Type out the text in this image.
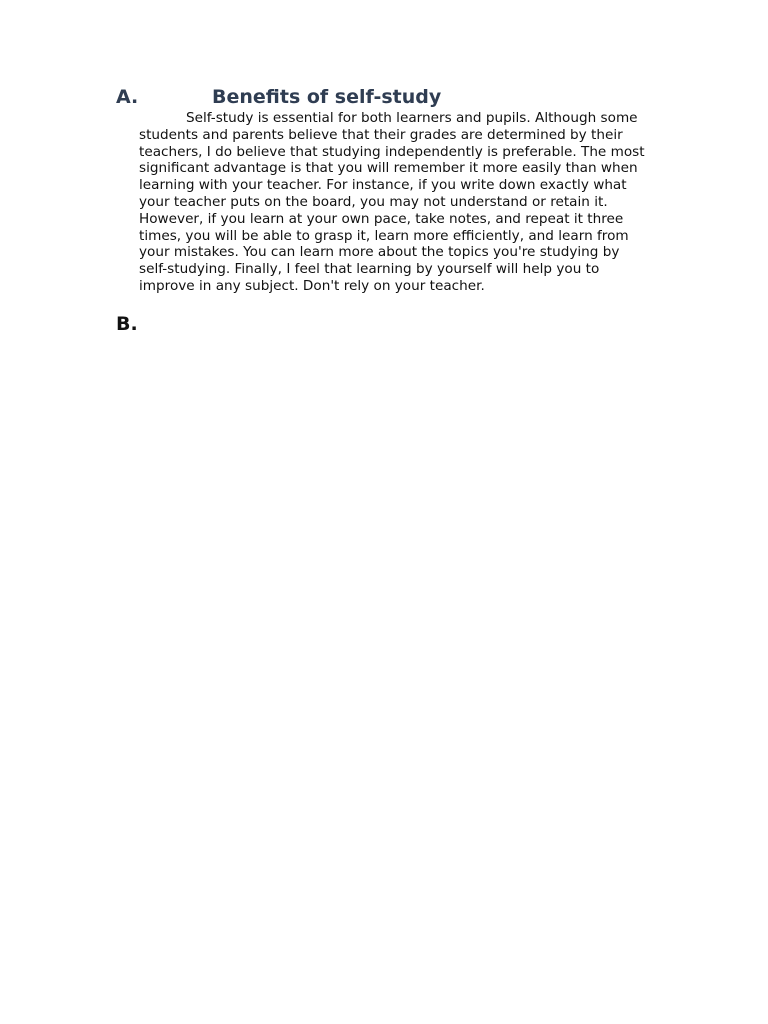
A.	Benefits of self-study
Self-study is essential for both learners and pupils. Although some
students and parents believe that their grades are determined by their
teachers, I do believe that studying independently is preferable. The most
significant advantage is that you will remember it more easily than when
learning with your teacher. For instance, if you write down exactly what
your teacher puts on the board, you may not understand or retain it.
However, if you learn at your own pace, take notes, and repeat it three
times, you will be able to grasp it, learn more efficiently, and learn from
your mistakes. You can learn more about the topics you're studying by
self-studying. Finally, I feel that learning by yourself will help you to
improve in any subject. Don't rely on your teacher.
B.
